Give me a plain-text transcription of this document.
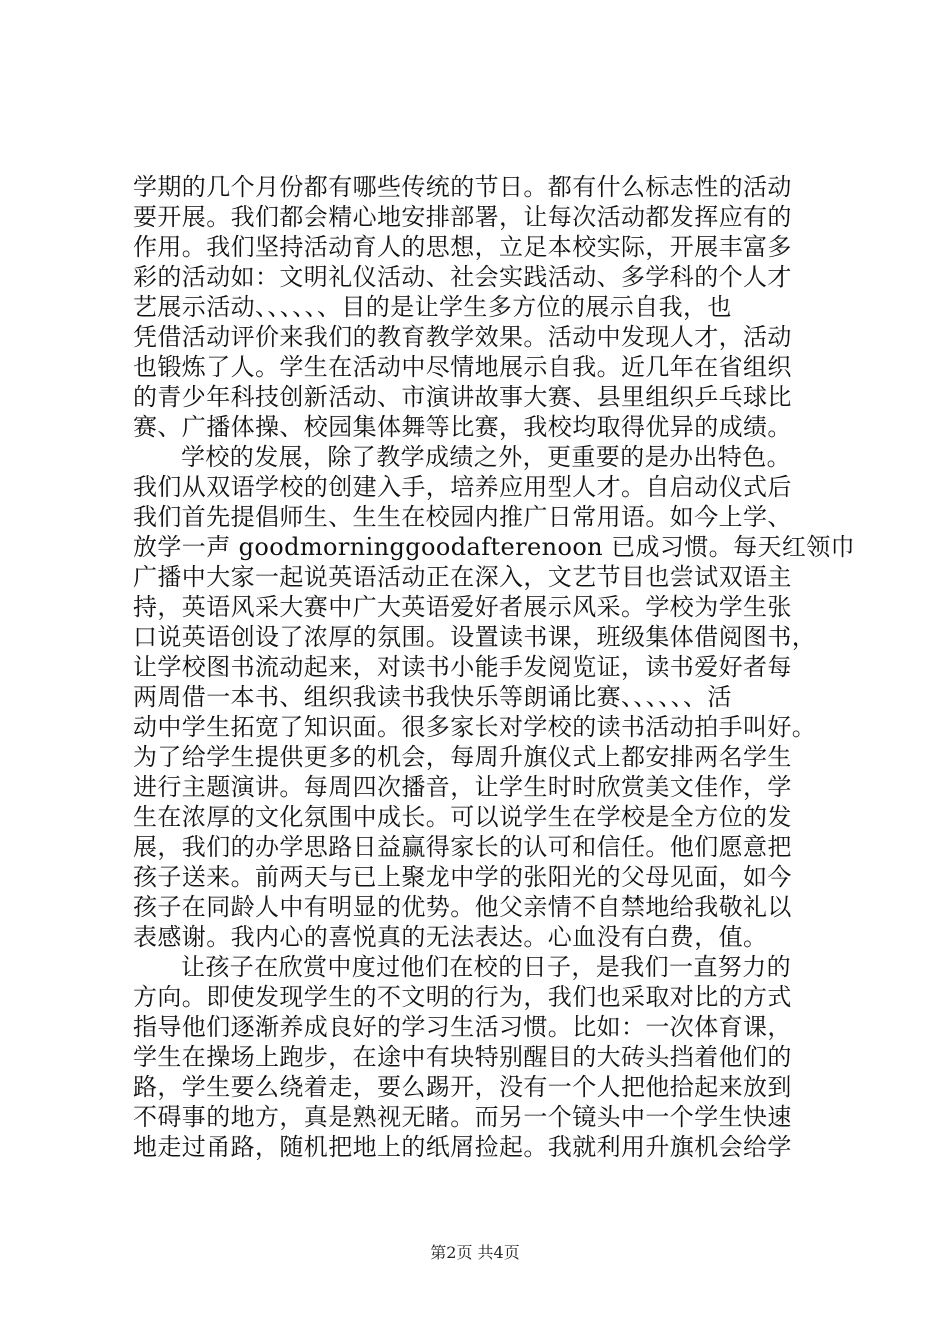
学期的几个月份都有哪些传统的节日。都有什么标志性的活动
要开展。我们都会精心地安排部署，让每次活动都发挥应有的
作用。我们坚持活动育人的思想，立足本校实际，开展丰富多
彩的活动如：文明礼仪活动、社会实践活动、多学科的个人才
艺展示活动、、、、、、目的是让学生多方位的展示自我，也
凭借活动评价来我们的教育教学效果。活动中发现人才，活动
也锻炼了人。学生在活动中尽情地展示自我。近几年在省组织
的青少年科技创新活动、市演讲故事大赛、县里组织乒乓球比
赛、广播体操、校园集体舞等比赛，我校均取得优异的成绩。
学校的发展，除了教学成绩之外，更重要的是办出特色。
我们从双语学校的创建入手，培养应用型人才。自启动仪式后
我们首先提倡师生、生生在校园内推广日常用语。如今上学、
放学一声 goodmorninggoodafterenoon 已成习惯。每天红领巾
广播中大家一起说英语活动正在深入，文艺节目也尝试双语主
持，英语风采大赛中广大英语爱好者展示风采。学校为学生张
口说英语创设了浓厚的氛围。设置读书课，班级集体借阅图书，
让学校图书流动起来，对读书小能手发阅览证，读书爱好者每
两周借一本书、组织我读书我快乐等朗诵比赛、、、、、、活
动中学生拓宽了知识面。很多家长对学校的读书活动拍手叫好。
为了给学生提供更多的机会，每周升旗仪式上都安排两名学生
进行主题演讲。每周四次播音，让学生时时欣赏美文佳作，学
生在浓厚的文化氛围中成长。可以说学生在学校是全方位的发
展，我们的办学思路日益赢得家长的认可和信任。他们愿意把
孩子送来。前两天与已上聚龙中学的张阳光的父母见面，如今
孩子在同龄人中有明显的优势。他父亲情不自禁地给我敬礼以
表感谢。我内心的喜悦真的无法表达。心血没有白费，值。
让孩子在欣赏中度过他们在校的日子，是我们一直努力的
方向。即使发现学生的不文明的行为，我们也采取对比的方式
指导他们逐渐养成良好的学习生活习惯。比如：一次体育课，
学生在操场上跑步，在途中有块特别醒目的大砖头挡着他们的
路，学生要么绕着走，要么踢开，没有一个人把他拾起来放到
不碍事的地方，真是熟视无睹。而另一个镜头中一个学生快速
地走过甬路，随机把地上的纸屑捡起。我就利用升旗机会给学
第2页 共4页
